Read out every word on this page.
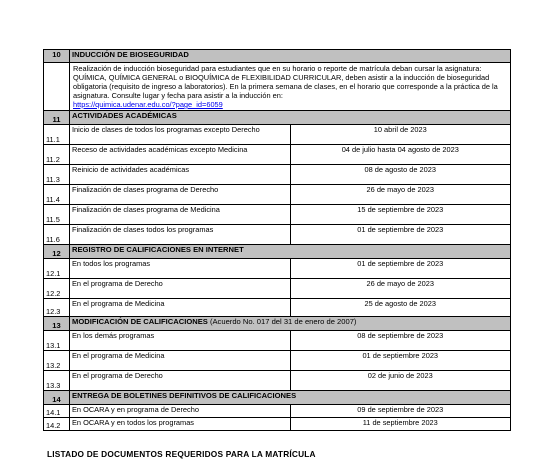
10	INDUCCIÓN DE BIOSEGURIDAD	
	Realización de inducción bioseguridad para estudiantes que en su horario o reporte de matrícula deban cursar la asignatura: QUÍMICA, QUÍMICA GENERAL o BIOQUÍMICA de FLEXIBILIDAD CURRICULAR, deben asistir a la inducción de bioseguridad obligatoria (requisito de ingreso a laboratorios). En la primera semana de clases, en el horario que corresponde a la práctica de la asignatura. Consulte lugar y fecha para asistir a la inducción en:
https://quimica.udenar.edu.co/?page_id=6059	
11	ACTIVIDADES ACADÉMICAS	
11.1	Inicio de clases de todos los programas excepto Derecho	10 abril de 2023
11.2	Receso de actividades académicas excepto Medicina	04 de julio hasta 04 agosto de 2023
11.3	Reinicio de actividades académicas	08 de agosto de 2023
11.4	Finalización de clases programa de Derecho	26 de mayo de 2023
11.5	Finalización de clases programa de Medicina	15 de septiembre de 2023
11.6	Finalización de clases todos los programas	01 de septiembre de 2023
12	REGISTRO DE CALIFICACIONES EN INTERNET	
12.1	En todos los programas	01 de septiembre de 2023
12.2	En el programa de Derecho	26 de mayo de 2023
12.3	En el programa de Medicina	25 de agosto de 2023
13	MODIFICACIÓN DE CALIFICACIONES (Acuerdo No. 017 del 31 de enero de 2007)	
13.1	En los demás programas	08 de septiembre de 2023
13.2	En el programa de Medicina	01 de septiembre 2023
13.3	En el programa de Derecho	02 de junio de 2023
14	ENTREGA DE BOLETINES DEFINITIVOS DE CALIFICACIONES	
14.1	En OCARA y en programa de Derecho	09 de septiembre de 2023
14.2	En OCARA y en todos los programas	11 de septiembre 2023
LISTADO DE DOCUMENTOS REQUERIDOS PARA LA MATRÍCULA
